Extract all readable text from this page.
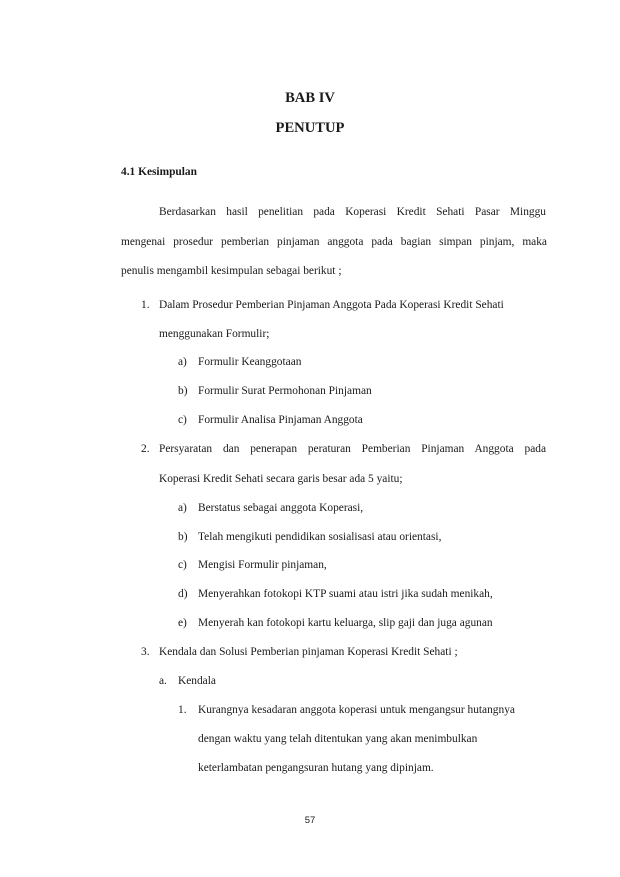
BAB IV
PENUTUP
4.1 Kesimpulan
Berdasarkan hasil penelitian pada Koperasi Kredit Sehati Pasar Minggu
mengenai prosedur pemberian pinjaman anggota pada bagian simpan pinjam, maka
penulis mengambil kesimpulan sebagai berikut ;
1. Dalam Prosedur Pemberian Pinjaman Anggota Pada Koperasi Kredit Sehati
menggunakan Formulir;
a) Formulir Keanggotaan
b) Formulir Surat Permohonan Pinjaman
c) Formulir Analisa Pinjaman Anggota
2. Persyaratan dan penerapan peraturan Pemberian Pinjaman Anggota pada
Koperasi Kredit Sehati secara garis besar ada 5 yaitu;
a) Berstatus sebagai anggota Koperasi,
b) Telah mengikuti pendidikan sosialisasi atau orientasi,
c) Mengisi Formulir pinjaman,
d) Menyerahkan fotokopi KTP suami atau istri jika sudah menikah,
e) Menyerah kan fotokopi kartu keluarga, slip gaji dan juga agunan
3. Kendala dan Solusi Pemberian pinjaman Koperasi Kredit Sehati ;
a. Kendala
1. Kurangnya kesadaran anggota koperasi untuk mengangsur hutangnya
dengan waktu yang telah ditentukan yang akan menimbulkan
keterlambatan pengangsuran hutang yang dipinjam.
57
